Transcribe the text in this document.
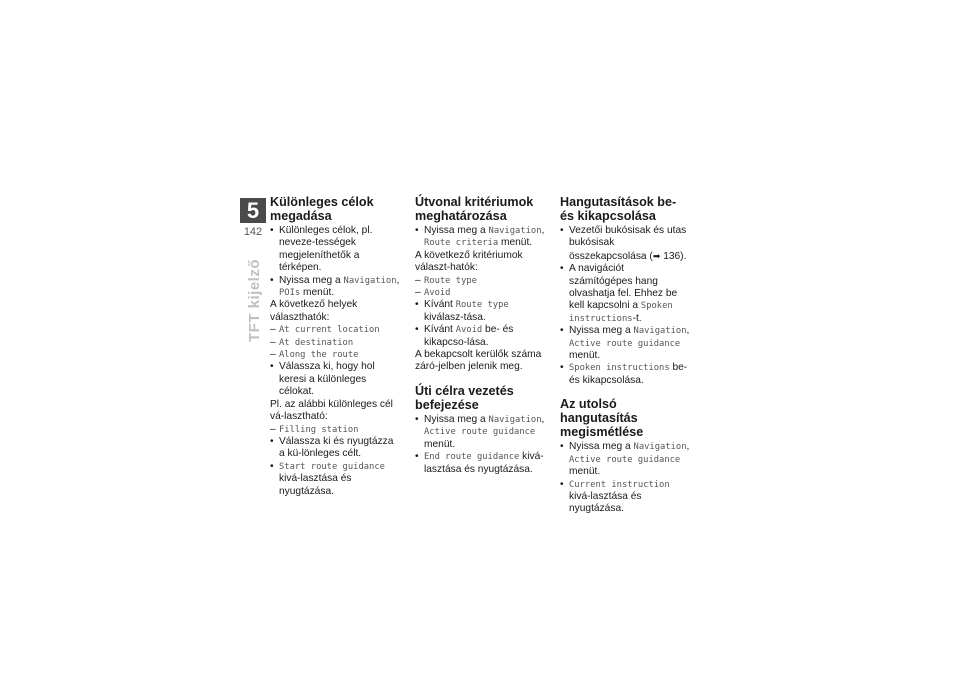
5
142
TFT kijelző
Különleges célok megadása
• Különleges célok, pl. neveze-tességek megjeleníthetők a térképen.
• Nyissa meg a Navigation,
POIs menüt.

A következő helyek választhatók:

– At current location
– At destination
– Along the route
• Válassza ki, hogy hol keresi a különleges célokat.

Pl. az alábbi különleges cél vá-lasztható:

– Filling station
• Válassza ki és nyugtázza a kü-lönleges célt.
• Start route guidance kivá-lasztása és nyugtázása.
Útvonal kritériumok meghatározása
• Nyissa meg a Navigation,
Route criteria menüt.

A következő kritériumok választ-hatók:

– Route type
– Avoid
• Kívánt Route type kiválasz-tása.
• Kívánt Avoid be- és kikapcso-lása.

A bekapcsolt kerülők száma záró-jelben jelenik meg.

Úti célra vezetés befejezése
• Nyissa meg a Navigation,
Active route guidance menüt.
• End route guidance kivá-lasztása és nyugtázása.
Hangutasítások be- és kikapcsolása
• Vezetői bukósisak és utas bukósisak összekapcsolása (➡ 136).
• A navigációt számítógépes hang olvashatja fel. Ehhez be kell kapcsolni a Spoken instructions-t.
• Nyissa meg a Navigation,
Active route guidance menüt.
• Spoken instructions be- és kikapcsolása.
Az utolsó hangutasítás megismétlése
• Nyissa meg a Navigation,
Active route guidance menüt.
• Current instruction kivá-lasztása és nyugtázása.
